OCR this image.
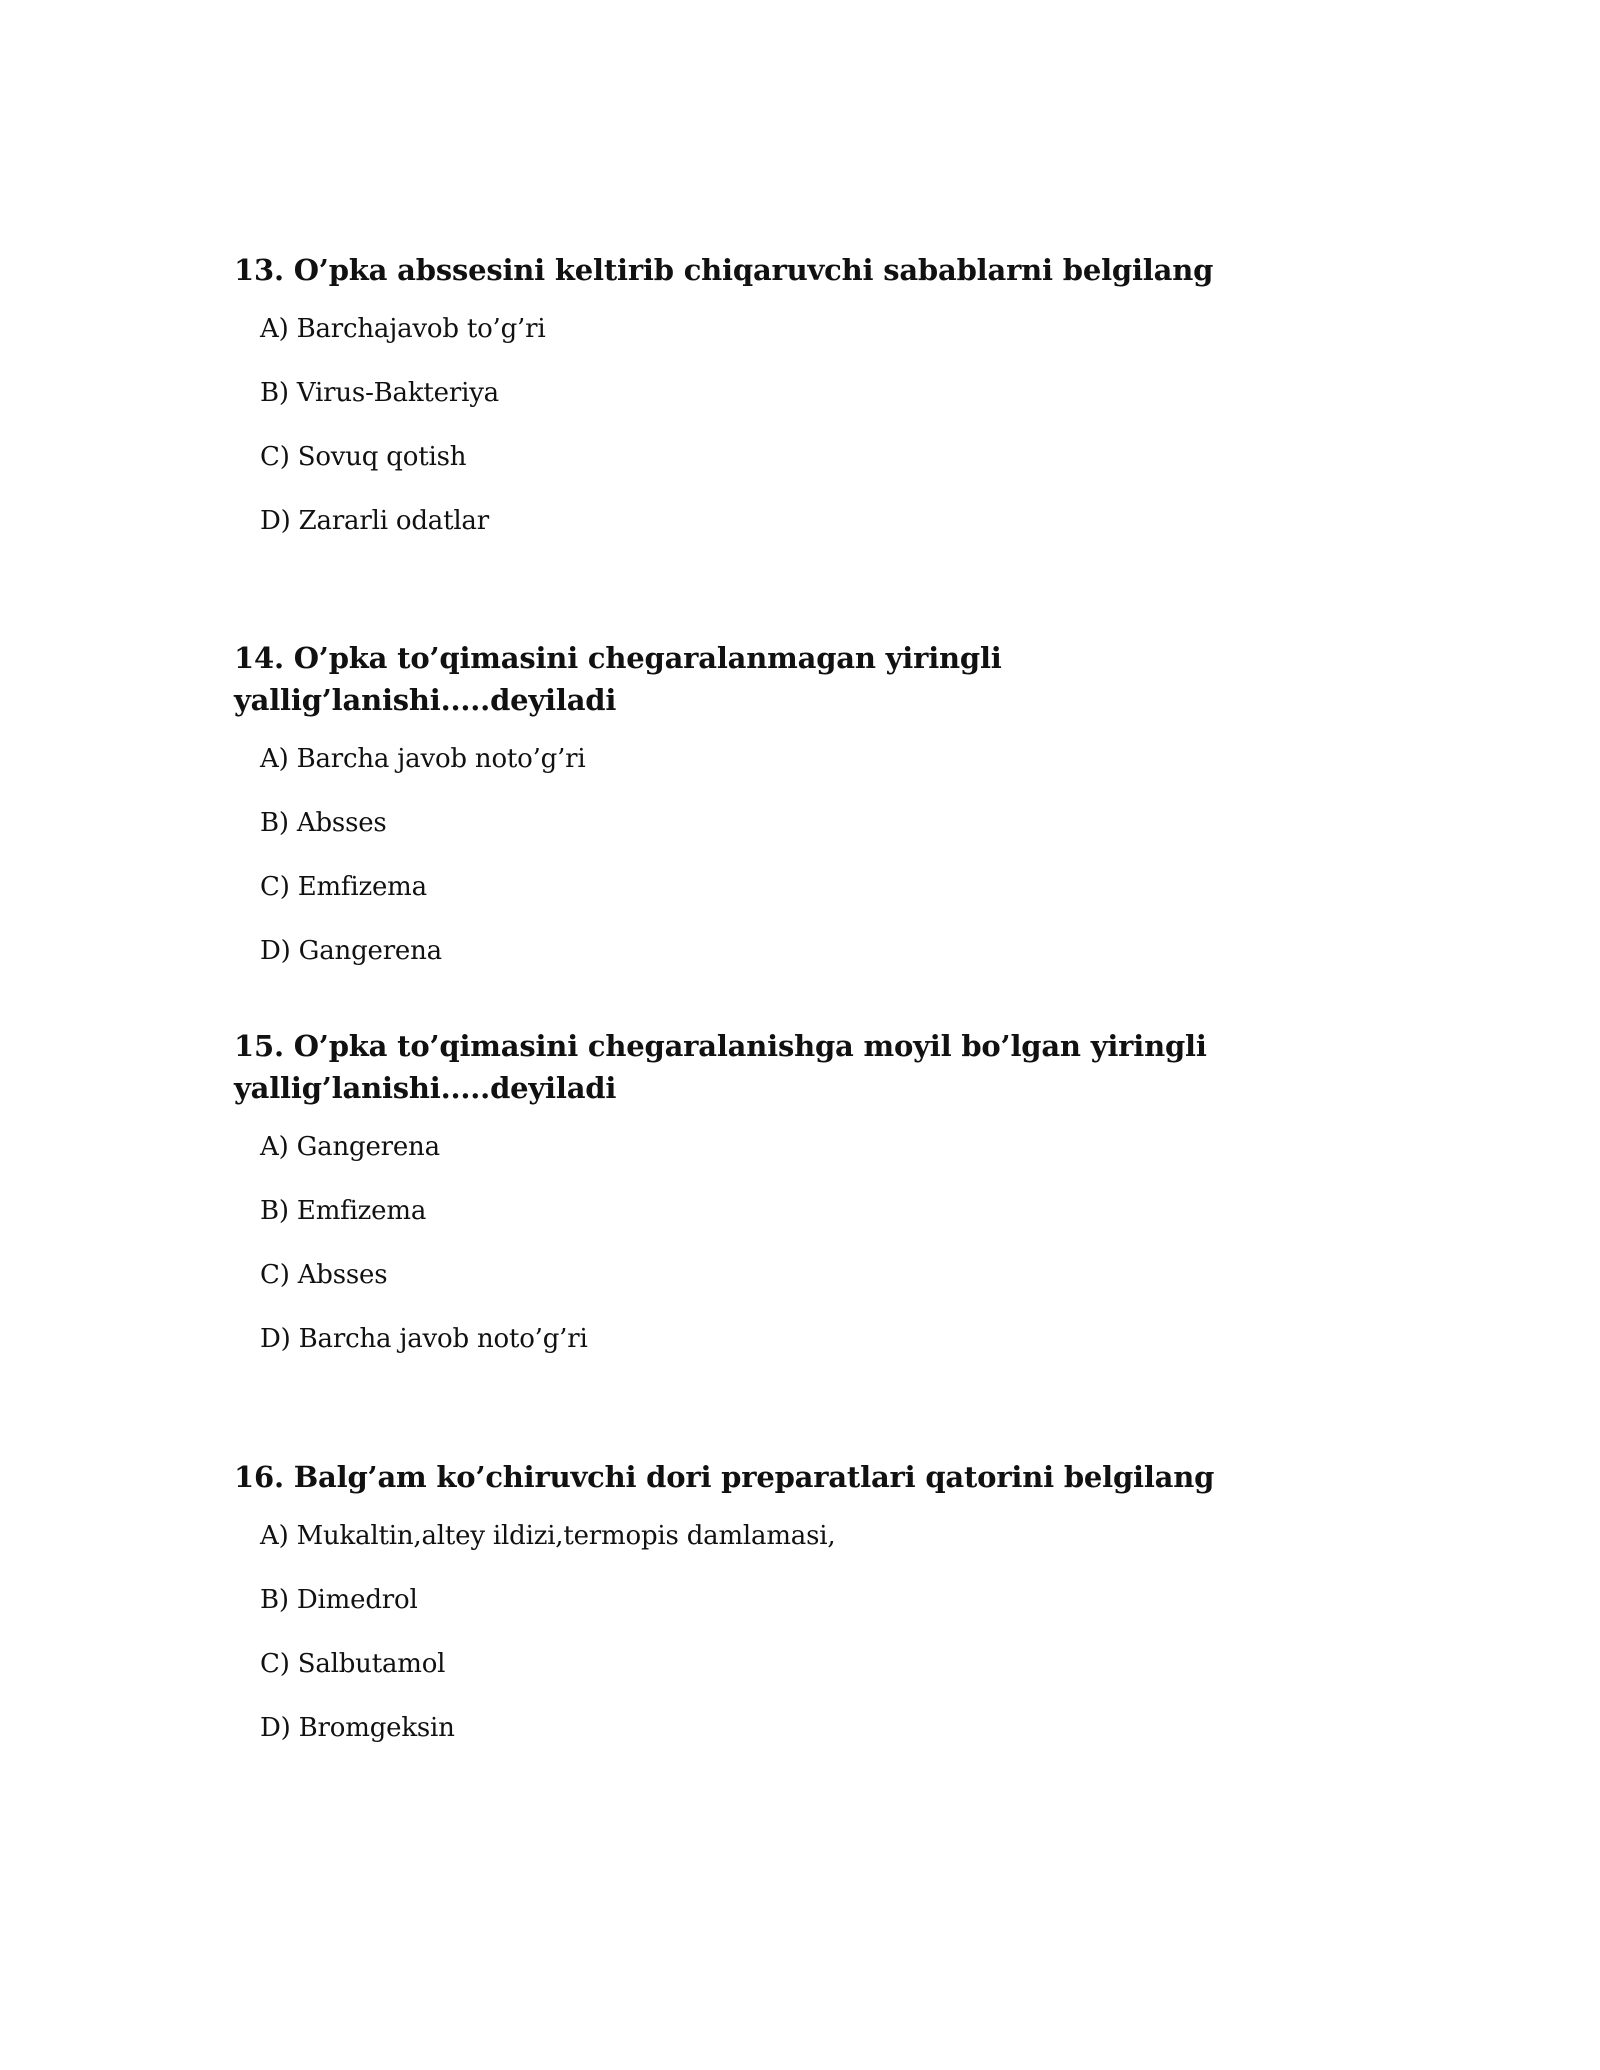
13. O’pka abssesini keltirib chiqaruvchi sabablarni belgilang

A) Barchajavob to’g’ri
B) Virus-Bakteriya
C) Sovuq qotish
D) Zararli odatlar

14. O’pka to’qimasini chegaralanmagan yiringli yallig’lanishi.....deyiladi

A) Barcha javob noto’g’ri
B) Absses
C) Emfizema
D) Gangerena

15. O’pka to’qimasini chegaralanishga moyil bo’lgan yiringli
yallig’lanishi.....deyiladi

A) Gangerena
B) Emfizema
C) Absses
D) Barcha javob noto’g’ri

16. Balg’am ko’chiruvchi dori preparatlari qatorini belgilang

A) Mukaltin,altey ildizi,termopis damlamasi,
B) Dimedrol
C) Salbutamol
D) Bromgeksin
